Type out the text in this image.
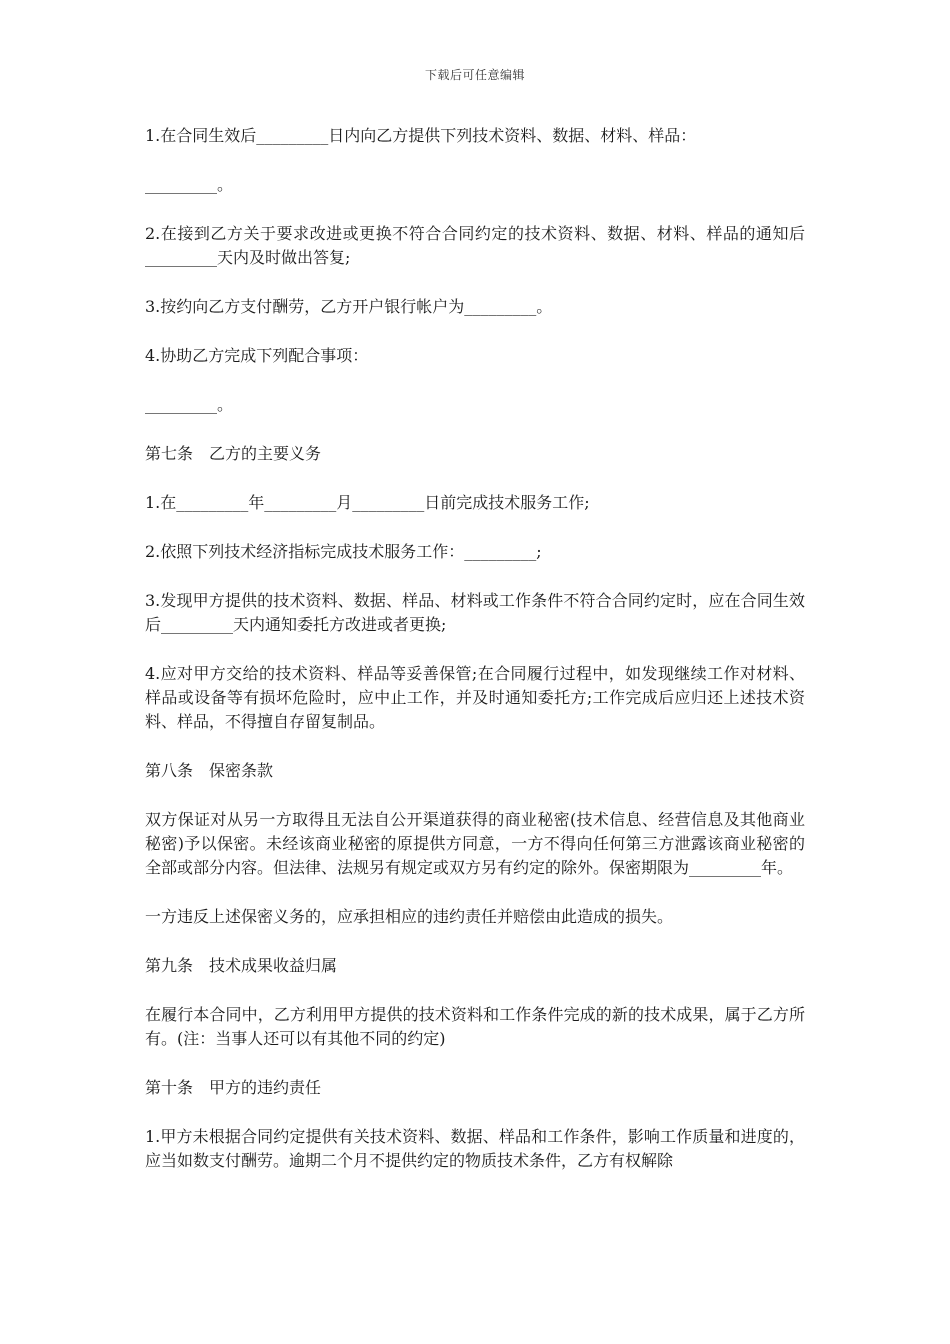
下载后可任意编辑

1.在合同生效后_________日内向乙方提供下列技术资料、数据、材料、样品：

_________。

2.在接到乙方关于要求改进或更换不符合合同约定的技术资料、数据、材料、样品的通知后_________天内及时做出答复;

3.按约向乙方支付酬劳，乙方开户银行帐户为_________。

4.协助乙方完成下列配合事项：

_________。

第七条　乙方的主要义务

1.在_________年_________月_________日前完成技术服务工作;

2.依照下列技术经济指标完成技术服务工作：_________;

3.发现甲方提供的技术资料、数据、样品、材料或工作条件不符合合同约定时，应在合同生效后_________天内通知委托方改进或者更换;

4.应对甲方交给的技术资料、样品等妥善保管;在合同履行过程中，如发现继续工作对材料、样品或设备等有损坏危险时，应中止工作，并及时通知委托方;工作完成后应归还上述技术资料、样品，不得擅自存留复制品。

第八条　保密条款

双方保证对从另一方取得且无法自公开渠道获得的商业秘密(技术信息、经营信息及其他商业秘密)予以保密。未经该商业秘密的原提供方同意，一方不得向任何第三方泄露该商业秘密的全部或部分内容。但法律、法规另有规定或双方另有约定的除外。保密期限为_________年。

一方违反上述保密义务的，应承担相应的违约责任并赔偿由此造成的损失。

第九条　技术成果收益归属

在履行本合同中，乙方利用甲方提供的技术资料和工作条件完成的新的技术成果，属于乙方所有。(注：当事人还可以有其他不同的约定)

第十条　甲方的违约责任

1.甲方未根据合同约定提供有关技术资料、数据、样品和工作条件，影响工作质量和进度的，应当如数支付酬劳。逾期二个月不提供约定的物质技术条件，乙方有权解除
